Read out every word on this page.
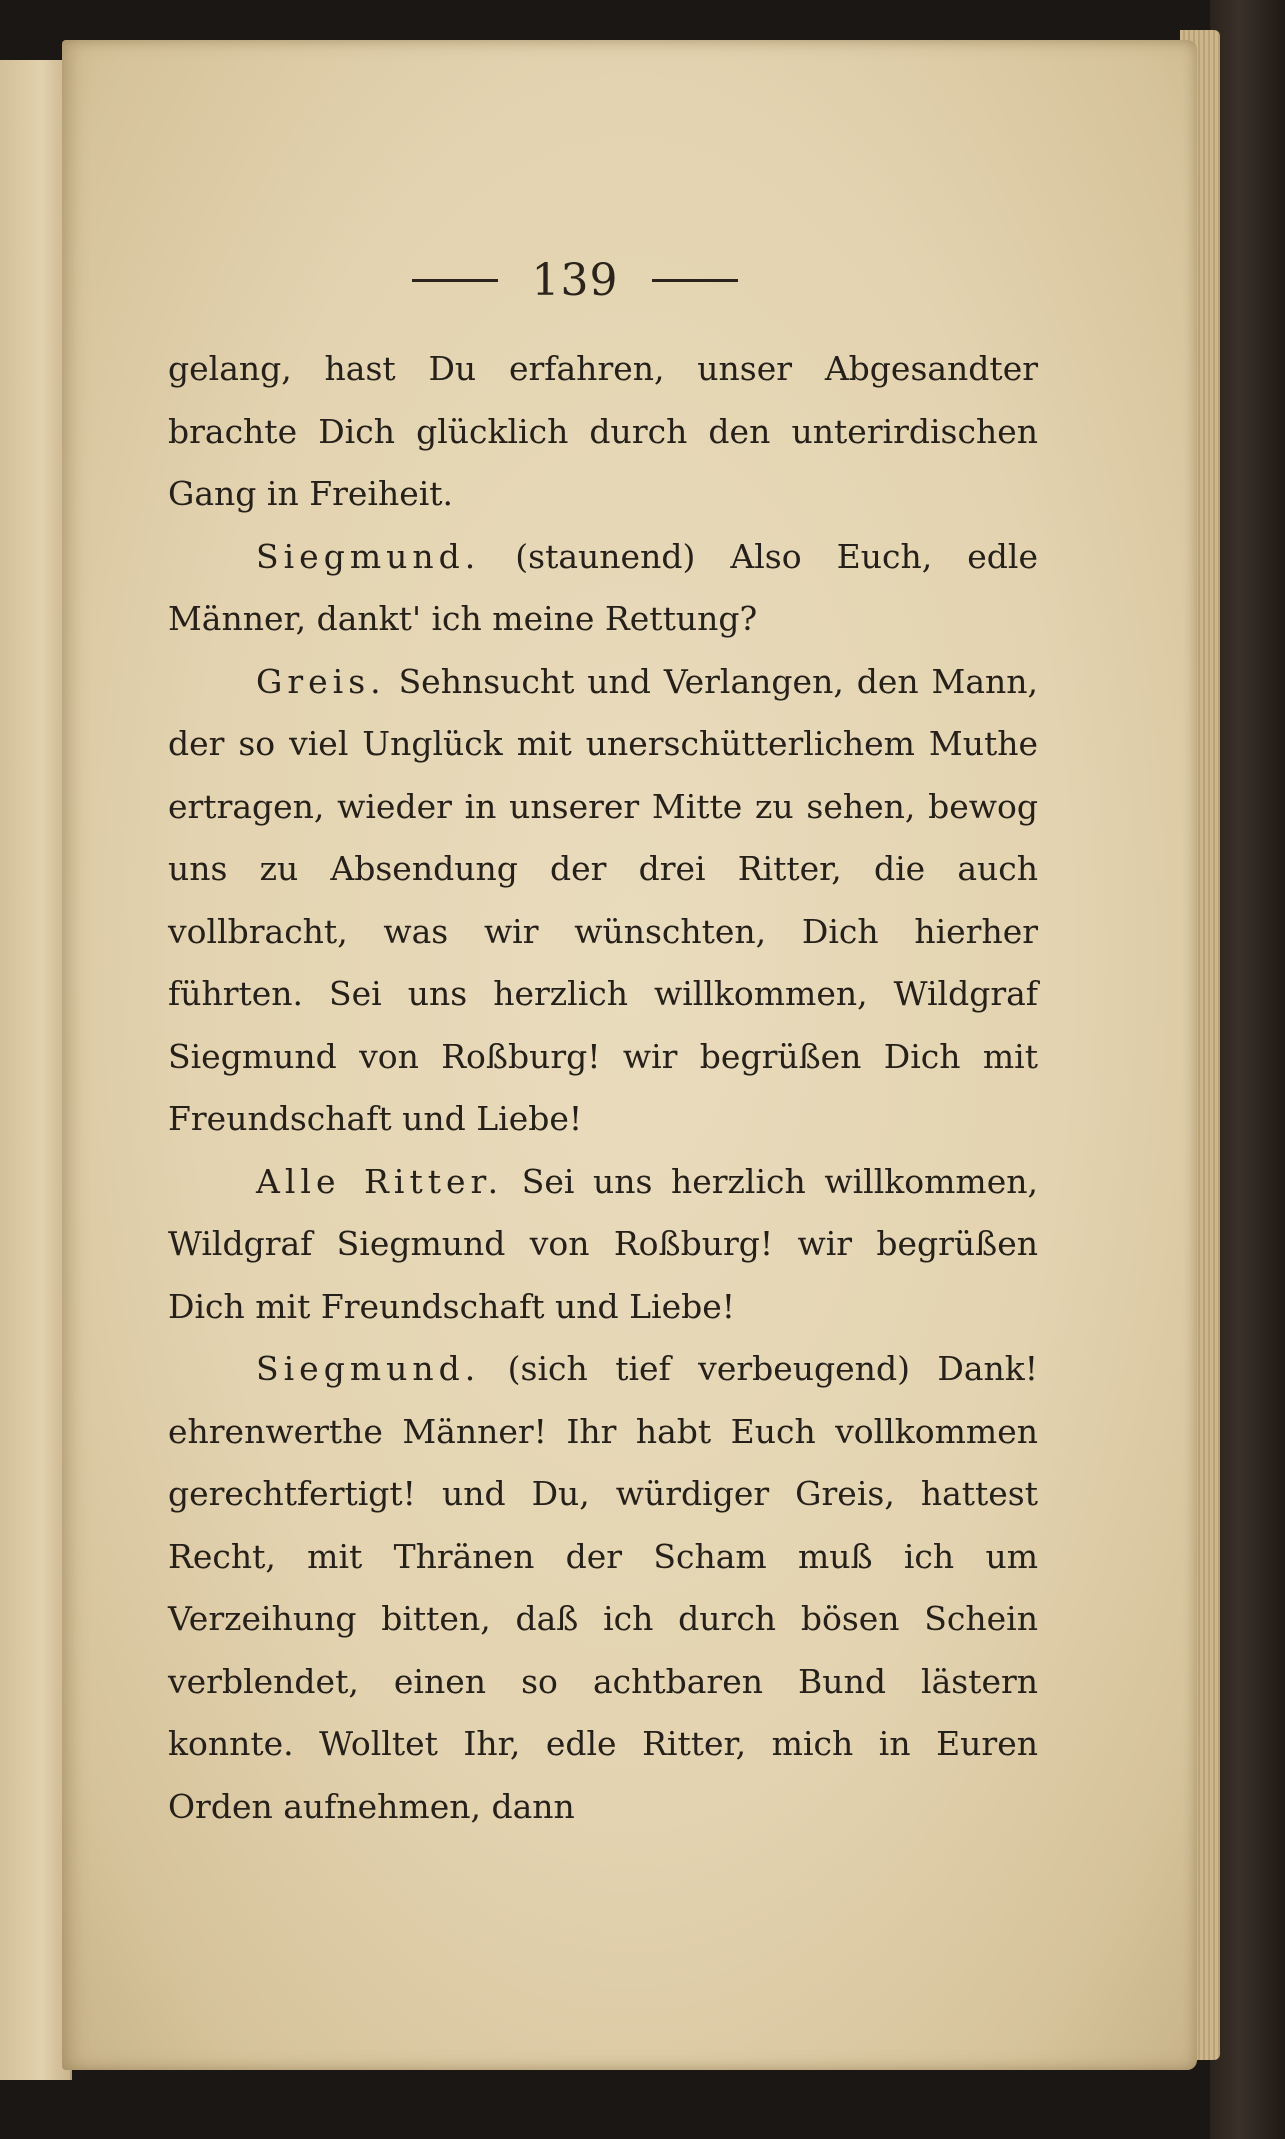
139

gelang, hast Du erfahren, unser Abgesandter brachte Dich glücklich durch den unterirdischen Gang in Freiheit.

Siegmund. (staunend) Also Euch, edle Männer, dankt' ich meine Rettung?

Greis. Sehnsucht und Verlangen, den Mann, der so viel Unglück mit unerschütterlichem Muthe ertragen, wieder in unserer Mitte zu sehen, bewog uns zu Absendung der drei Ritter, die auch vollbracht, was wir wünschten, Dich hierher führten. Sei uns herzlich willkommen, Wildgraf Siegmund von Roßburg! wir begrüßen Dich mit Freundschaft und Liebe!

Alle Ritter. Sei uns herzlich willkommen, Wildgraf Siegmund von Roßburg! wir begrüßen Dich mit Freundschaft und Liebe!

Siegmund. (sich tief verbeugend) Dank! ehrenwerthe Männer! Ihr habt Euch vollkommen gerechtfertigt! und Du, würdiger Greis, hattest Recht, mit Thränen der Scham muß ich um Verzeihung bitten, daß ich durch bösen Schein verblendet, einen so achtbaren Bund lästern konnte. Wolltet Ihr, edle Ritter, mich in Euren Orden aufnehmen, dann
